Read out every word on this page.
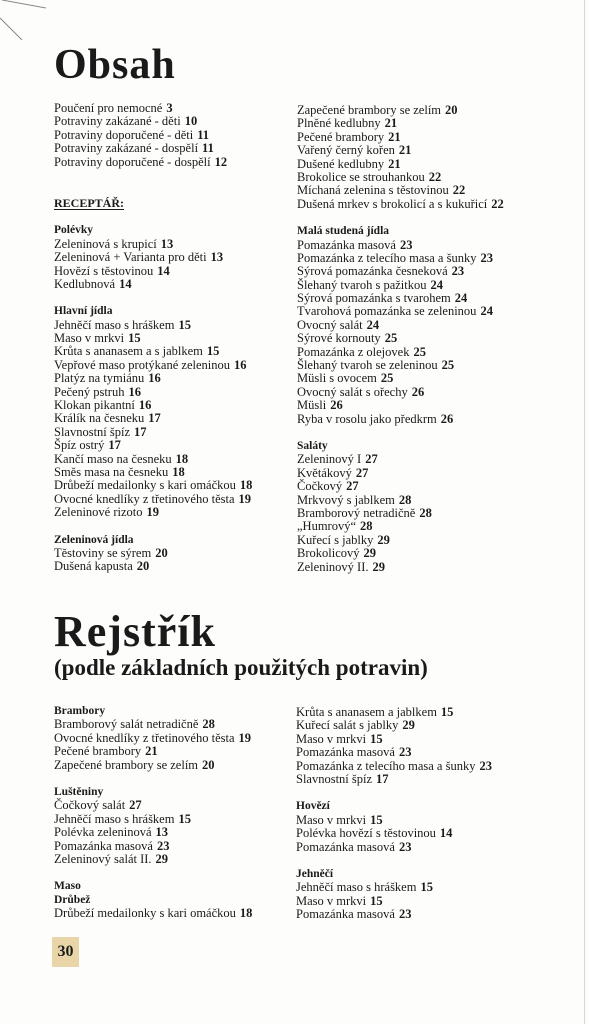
Obsah
Poučení pro nemocné 3
Potraviny zakázané - děti 10
Potraviny doporučené - děti 11
Potraviny zakázané - dospělí 11
Potraviny doporučené - dospělí 12
RECEPTÁŘ:
Polévky
Zeleninová s krupicí 13
Zeleninová + Varianta pro děti 13
Hovězí s těstovinou 14
Kedlubnová 14
Hlavní jídla
Jehněčí maso s hráškem 15
Maso v mrkvi 15
Krůta s ananasem a s jablkem 15
Vepřové maso protýkané zeleninou 16
Platýz na tymiánu 16
Pečený pstruh 16
Klokan pikantní 16
Králík na česneku 17
Slavnostní špíz 17
Špíz ostrý 17
Kančí maso na česneku 18
Směs masa na česneku 18
Drůbeží medailonky s kari omáčkou 18
Ovocné knedlíky z třetinového těsta 19
Zeleninové rizoto 19
Zeleninová jídla
Těstoviny se sýrem 20
Dušená kapusta 20
Zapečené brambory se zelím 20
Plněné kedlubny 21
Pečené brambory 21
Vařený černý kořen 21
Dušené kedlubny 21
Brokolice se strouhankou 22
Míchaná zelenina s těstovinou 22
Dušená mrkev s brokolicí a s kukuřicí 22
Malá studená jídla
Pomazánka masová 23
Pomazánka z telecího masa a šunky 23
Sýrová pomazánka česneková 23
Šlehaný tvaroh s pažitkou 24
Sýrová pomazánka s tvarohem 24
Tvarohová pomazánka se zeleninou 24
Ovocný salát 24
Sýrové kornouty 25
Pomazánka z olejovek 25
Šlehaný tvaroh se zeleninou 25
Müsli s ovocem 25
Ovocný salát s ořechy 26
Müsli 26
Ryba v rosolu jako předkrm 26
Saláty
Zeleninový I 27
Květákový 27
Čočkový 27
Mrkvový s jablkem 28
Bramborový netradičně 28
„Humrový“ 28
Kuřecí s jablky 29
Brokolicový 29
Zeleninový II. 29
Rejstřík
(podle základních použitých potravin)
Brambory
Bramborový salát netradičně 28
Ovocné knedlíky z třetinového těsta 19
Pečené brambory 21
Zapečené brambory se zelím 20
Luštěniny
Čočkový salát 27
Jehněčí maso s hráškem 15
Polévka zeleninová 13
Pomazánka masová 23
Zeleninový salát II. 29
Maso
Drůbež
Drůbeží medailonky s kari omáčkou 18
Krůta s ananasem a jablkem 15
Kuřecí salát s jablky 29
Maso v mrkvi 15
Pomazánka masová 23
Pomazánka z telecího masa a šunky 23
Slavnostní špíz 17
Hovězí
Maso v mrkvi 15
Polévka hovězí s těstovinou 14
Pomazánka masová 23
Jehněčí
Jehněčí maso s hráškem 15
Maso v mrkvi 15
Pomazánka masová 23
30
